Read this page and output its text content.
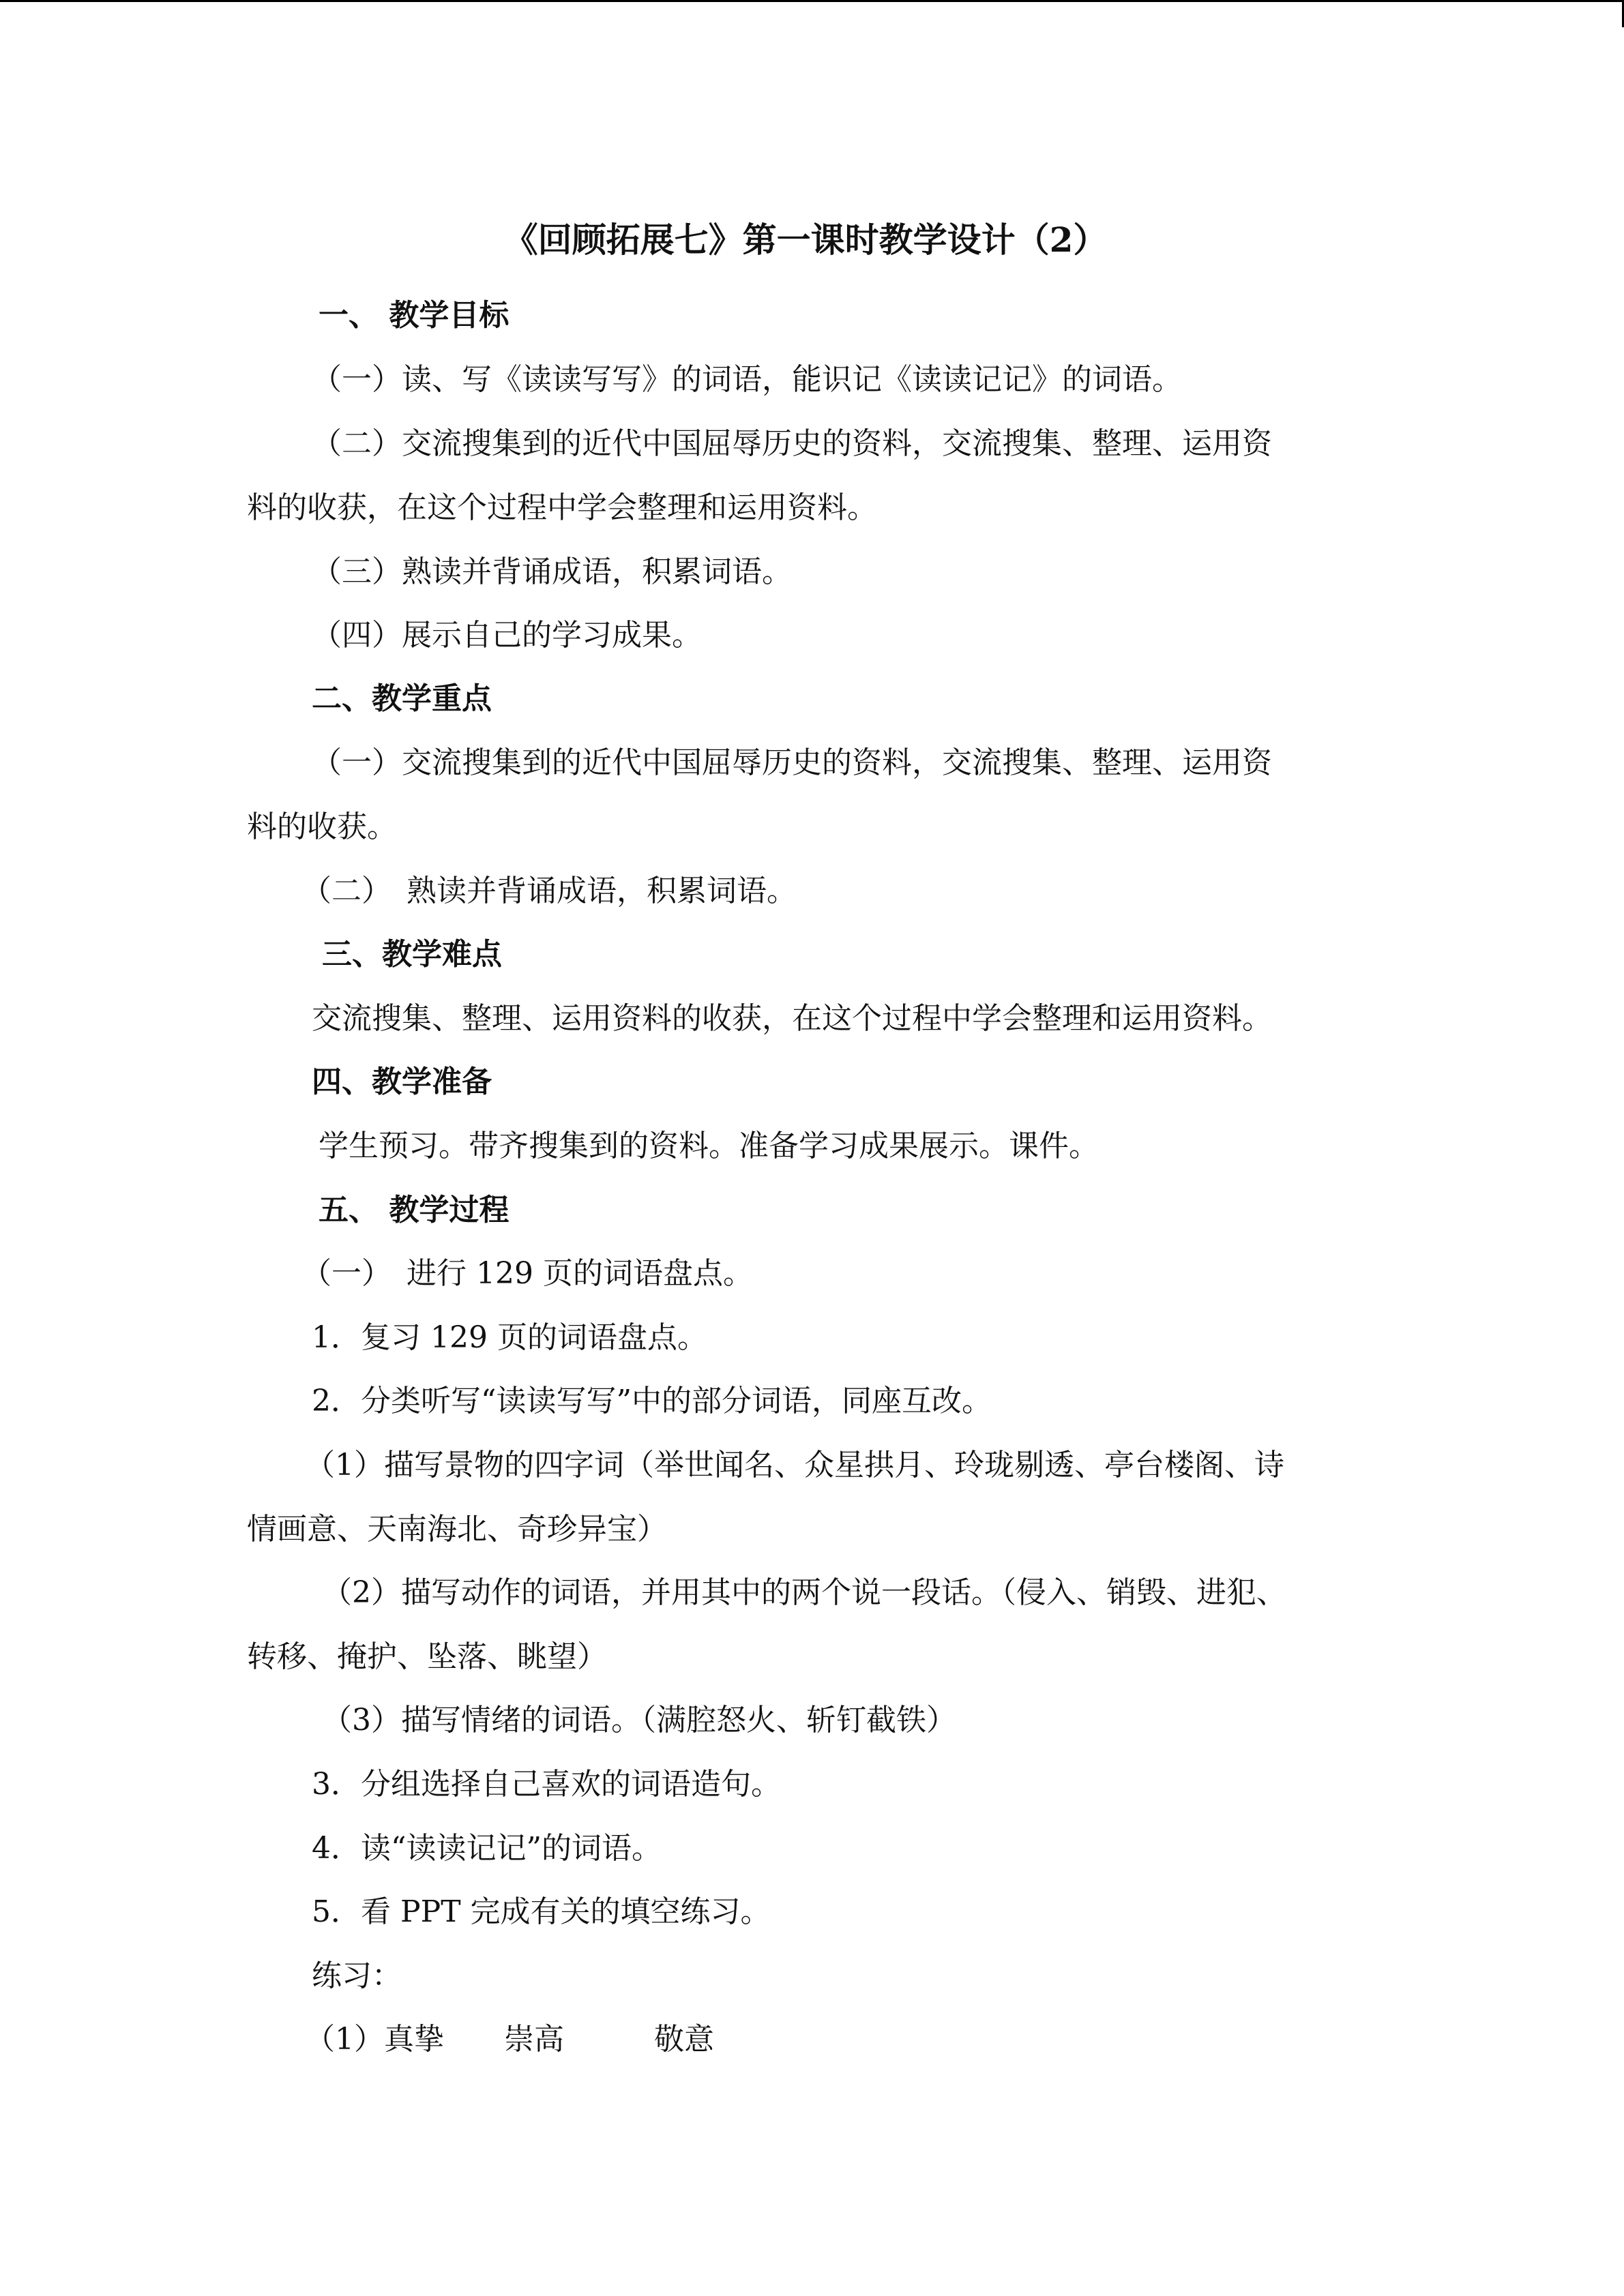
《回顾拓展七》第一课时教学设计（2）
一、 教学目标
（一）读、写《读读写写》的词语，能识记《读读记记》的词语。
（二）交流搜集到的近代中国屈辱历史的资料，交流搜集、整理、运用资
料的收获，在这个过程中学会整理和运用资料。
（三）熟读并背诵成语，积累词语。
（四）展示自己的学习成果。
二、教学重点
（一）交流搜集到的近代中国屈辱历史的资料，交流搜集、整理、运用资
料的收获。
（二）　熟读并背诵成语，积累词语。
三、教学难点
交流搜集、整理、运用资料的收获，在这个过程中学会整理和运用资料。
四、教学准备
学生预习。带齐搜集到的资料。准备学习成果展示。课件。
五、 教学过程
（一）　进行 129 页的词语盘点。
1．复习 129 页的词语盘点。
2．分类听写“读读写写”中的部分词语，同座互改。
（1）描写景物的四字词（举世闻名、众星拱月、玲珑剔透、亭台楼阁、诗
情画意、天南海北、奇珍异宝）
（2）描写动作的词语，并用其中的两个说一段话。（侵入、销毁、进犯、
转移、掩护、坠落、眺望）
（3）描写情绪的词语。（满腔怒火、斩钉截铁）
3．分组选择自己喜欢的词语造句。
4．读“读读记记”的词语。
5．看 PPT 完成有关的填空练习。
练习：
（1）真挚　　崇高　　　敬意
